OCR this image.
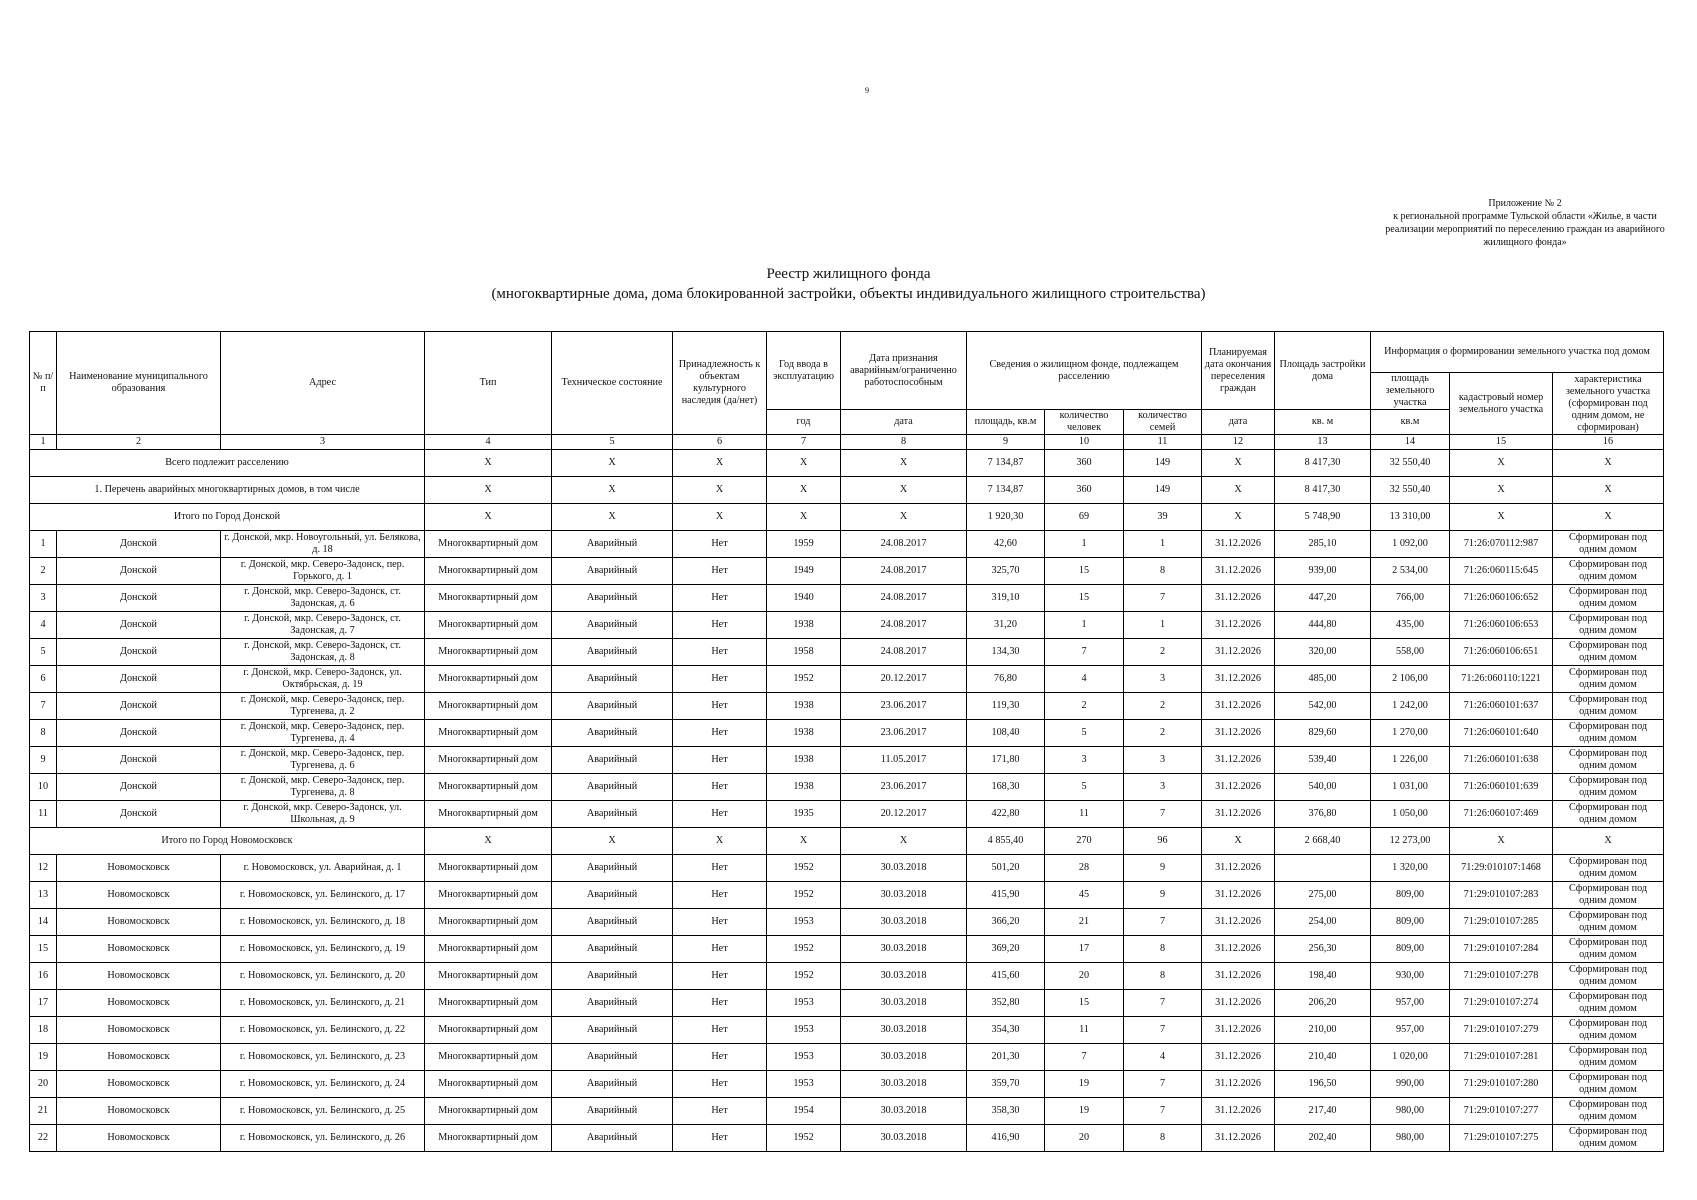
9
Приложение № 2
к региональной программе Тульской области «Жилье, в части реализации мероприятий по переселению граждан из аварийного жилищного фонда»
Реестр жилищного фонда
(многоквартирные дома, дома блокированной застройки, объекты индивидуального жилищного строительства)
№ п/п	Наименование муниципального образования	Адрес	Тип	Техническое состояние	Принадлежность к объектам культурного наследия (да/нет)	Год ввода в эксплуатацию	Дата признания аварийным/ограниченно работоспособным	Сведения о жилищном фонде, подлежащем расселению			Планируемая дата окончания переселения граждан	Площадь застройки дома	Информация о формировании земельного участка под домом		
													площадь земельного участка	кадастровый номер земельного участка	характеристика земельного участка (сформирован под одним домом, не сформирован)
						год	дата	площадь, кв.м	количество человек	количество семей	дата	кв. м	кв.м		
1	2	3	4	5	6	7	8	9	10	11	12	13	14	15	16
Всего подлежит расселению			X	X	X	X	X	7 134,87	360	149	X	8 417,30	32 550,40	X	X
1. Перечень аварийных многоквартирных домов, в том числе			X	X	X	X	X	7 134,87	360	149	X	8 417,30	32 550,40	X	X
Итого по Город Донской			X	X	X	X	X	1 920,30	69	39	X	5 748,90	13 310,00	X	X
1	Донской	г. Донской, мкр. Новоугольный, ул. Белякова, д. 18	Многоквартирный дом	Аварийный	Нет	1959	24.08.2017	42,60	1	1	31.12.2026	285,10	1 092,00	71:26:070112:987	Сформирован под одним домом
2	Донской	г. Донской, мкр. Северо-Задонск, пер. Горького, д. 1	Многоквартирный дом	Аварийный	Нет	1949	24.08.2017	325,70	15	8	31.12.2026	939,00	2 534,00	71:26:060115:645	Сформирован под одним домом
3	Донской	г. Донской, мкр. Северо-Задонск, ст. Задонская, д. 6	Многоквартирный дом	Аварийный	Нет	1940	24.08.2017	319,10	15	7	31.12.2026	447,20	766,00	71:26:060106:652	Сформирован под одним домом
4	Донской	г. Донской, мкр. Северо-Задонск, ст. Задонская, д. 7	Многоквартирный дом	Аварийный	Нет	1938	24.08.2017	31,20	1	1	31.12.2026	444,80	435,00	71:26:060106:653	Сформирован под одним домом
5	Донской	г. Донской, мкр. Северо-Задонск, ст. Задонская, д. 8	Многоквартирный дом	Аварийный	Нет	1958	24.08.2017	134,30	7	2	31.12.2026	320,00	558,00	71:26:060106:651	Сформирован под одним домом
6	Донской	г. Донской, мкр. Северо-Задонск, ул. Октябрьская, д. 19	Многоквартирный дом	Аварийный	Нет	1952	20.12.2017	76,80	4	3	31.12.2026	485,00	2 106,00	71:26:060110:1221	Сформирован под одним домом
7	Донской	г. Донской, мкр. Северо-Задонск, пер. Тургенева, д. 2	Многоквартирный дом	Аварийный	Нет	1938	23.06.2017	119,30	2	2	31.12.2026	542,00	1 242,00	71:26:060101:637	Сформирован под одним домом
8	Донской	г. Донской, мкр. Северо-Задонск, пер. Тургенева, д. 4	Многоквартирный дом	Аварийный	Нет	1938	23.06.2017	108,40	5	2	31.12.2026	829,60	1 270,00	71:26:060101:640	Сформирован под одним домом
9	Донской	г. Донской, мкр. Северо-Задонск, пер. Тургенева, д. 6	Многоквартирный дом	Аварийный	Нет	1938	11.05.2017	171,80	3	3	31.12.2026	539,40	1 226,00	71:26:060101:638	Сформирован под одним домом
10	Донской	г. Донской, мкр. Северо-Задонск, пер. Тургенева, д. 8	Многоквартирный дом	Аварийный	Нет	1938	23.06.2017	168,30	5	3	31.12.2026	540,00	1 031,00	71:26:060101:639	Сформирован под одним домом
11	Донской	г. Донской, мкр. Северо-Задонск, ул. Школьная, д. 9	Многоквартирный дом	Аварийный	Нет	1935	20.12.2017	422,80	11	7	31.12.2026	376,80	1 050,00	71:26:060107:469	Сформирован под одним домом
Итого по Город Новомосковск			X	X	X	X	X	4 855,40	270	96	X	2 668,40	12 273,00	X	X
12	Новомосковск	г. Новомосковск, ул. Аварийная, д. 1	Многоквартирный дом	Аварийный	Нет	1952	30.03.2018	501,20	28	9	31.12.2026		1 320,00	71:29:010107:1468	Сформирован под одним домом
13	Новомосковск	г. Новомосковск, ул. Белинского, д. 17	Многоквартирный дом	Аварийный	Нет	1952	30.03.2018	415,90	45	9	31.12.2026	275,00	809,00	71:29:010107:283	Сформирован под одним домом
14	Новомосковск	г. Новомосковск, ул. Белинского, д. 18	Многоквартирный дом	Аварийный	Нет	1953	30.03.2018	366,20	21	7	31.12.2026	254,00	809,00	71:29:010107:285	Сформирован под одним домом
15	Новомосковск	г. Новомосковск, ул. Белинского, д. 19	Многоквартирный дом	Аварийный	Нет	1952	30.03.2018	369,20	17	8	31.12.2026	256,30	809,00	71:29:010107:284	Сформирован под одним домом
16	Новомосковск	г. Новомосковск, ул. Белинского, д. 20	Многоквартирный дом	Аварийный	Нет	1952	30.03.2018	415,60	20	8	31.12.2026	198,40	930,00	71:29:010107:278	Сформирован под одним домом
17	Новомосковск	г. Новомосковск, ул. Белинского, д. 21	Многоквартирный дом	Аварийный	Нет	1953	30.03.2018	352,80	15	7	31.12.2026	206,20	957,00	71:29:010107:274	Сформирован под одним домом
18	Новомосковск	г. Новомосковск, ул. Белинского, д. 22	Многоквартирный дом	Аварийный	Нет	1953	30.03.2018	354,30	11	7	31.12.2026	210,00	957,00	71:29:010107:279	Сформирован под одним домом
19	Новомосковск	г. Новомосковск, ул. Белинского, д. 23	Многоквартирный дом	Аварийный	Нет	1953	30.03.2018	201,30	7	4	31.12.2026	210,40	1 020,00	71:29:010107:281	Сформирован под одним домом
20	Новомосковск	г. Новомосковск, ул. Белинского, д. 24	Многоквартирный дом	Аварийный	Нет	1953	30.03.2018	359,70	19	7	31.12.2026	196,50	990,00	71:29:010107:280	Сформирован под одним домом
21	Новомосковск	г. Новомосковск, ул. Белинского, д. 25	Многоквартирный дом	Аварийный	Нет	1954	30.03.2018	358,30	19	7	31.12.2026	217,40	980,00	71:29:010107:277	Сформирован под одним домом
22	Новомосковск	г. Новомосковск, ул. Белинского, д. 26	Многоквартирный дом	Аварийный	Нет	1952	30.03.2018	416,90	20	8	31.12.2026	202,40	980,00	71:29:010107:275	Сформирован под одним домом
